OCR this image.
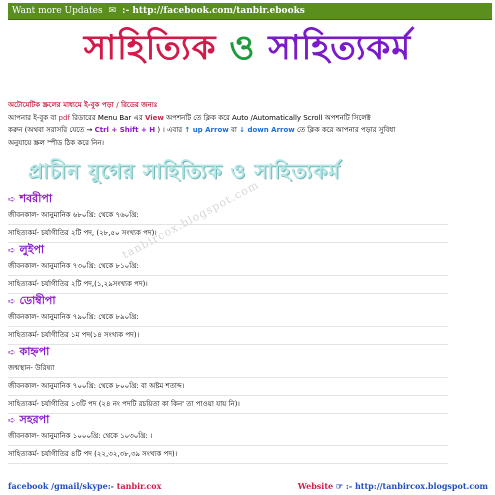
Want more Updates ✉ :- http://facebook.com/tanbir.ebooks
সাহিত্যিক ও সাহিত্যকর্ম
অটোমেটিক স্ক্রলের মাধ্যমে ই-বুক পড়া / রিডের জন্যঃ
আপনার ই-বুক বা pdf রিডারের Menu Bar এর View অপশনটি তে ক্লিক করে Auto /Automatically Scroll অপশনটি সিলেক্ট
করুন (অথবা সরাসরি যেতে → Ctrl + Shift + H ) । এবার ↑ up Arrow বা ↓ down Arrow তে ক্লিক করে আপনার পড়ার সুবিধা
অনুযায়ে স্ক্রল স্পীড ঠিক করে নিন।
প্রাচীন যুগের সাহিত্যিক ও সাহিত্যকর্ম
tanbircox.blogspot.com
➪ শবরীপা
জীবনকাল- আনুমানিক ৬৮০খ্রি: থেকে ৭৬০খ্রি:
সাহিত্যকর্ম- চর্যাগীতির ২টি পদ, (২৮,৫০ সংখ্যক পদ)।
➪ লুইপা
জীবনকাল- আনুমানিক ৭৩০খ্রি: থেকে ৮১০খ্রি:
সাহিত্যকর্ম- চর্যাগীতির ২টি পদ,(১,২৯সংখ্যক পদ)।
➪ ডোম্বীপা
জীবনকাল- আনুমানিক ৭৯০খ্রি: থেকে ৮৯০খ্রি:
সাহিত্যকর্ম- চর্যাগীতির ১ম পদ(১৪ সংখ্যক পদ)।
➪ কাহ্নপা
জন্মস্থান- উরিষ্যা
জীবনকাল- আনুমানিক ৭০০খ্রি: থেকে ৮০০খ্রি: বা অষ্টম শতাব্দ।
সাহিত্যকর্ম- চর্যাগীতির ১৩টি পদ (২৪ নং পদটি রচয়িতা কা কিন' তা পাওয়া যায় নি)।
➪ সহরপা
জীবনকাল- আনুমানিক ১০০০খ্রি: থেকে ১০৩০খ্রি: ।
সাহিত্যকর্ম- চর্যাগীতির ৪টি পদ (২২,৩২,৩৮,৩৯ সংখ্যক পদ)।
facebook /gmail/skype:- tanbir.cox	Website ☞ :- http://tanbircox.blogspot.com
